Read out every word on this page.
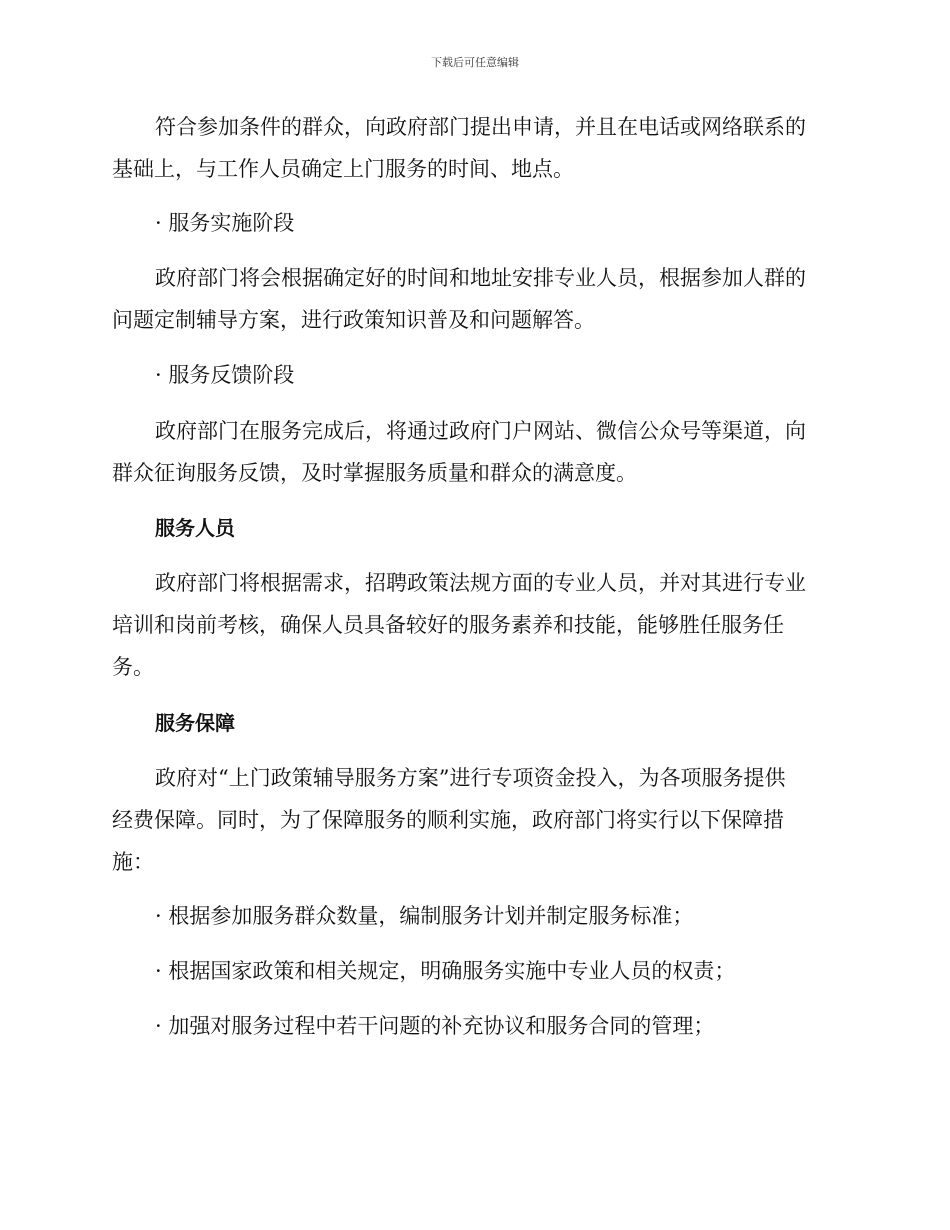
下载后可任意编辑
符合参加条件的群众，向政府部门提出申请，并且在电话或网络联系的
基础上，与工作人员确定上门服务的时间、地点。
· 服务实施阶段
政府部门将会根据确定好的时间和地址安排专业人员，根据参加人群的
问题定制辅导方案，进行政策知识普及和问题解答。
· 服务反馈阶段
政府部门在服务完成后，将通过政府门户网站、微信公众号等渠道，向
群众征询服务反馈，及时掌握服务质量和群众的满意度。
服务人员
政府部门将根据需求，招聘政策法规方面的专业人员，并对其进行专业
培训和岗前考核，确保人员具备较好的服务素养和技能，能够胜任服务任
务。
服务保障
政府对“上门政策辅导服务方案”进行专项资金投入，为各项服务提供
经费保障。同时，为了保障服务的顺利实施，政府部门将实行以下保障措
施：
· 根据参加服务群众数量，编制服务计划并制定服务标准；
· 根据国家政策和相关规定，明确服务实施中专业人员的权责；
· 加强对服务过程中若干问题的补充协议和服务合同的管理；
